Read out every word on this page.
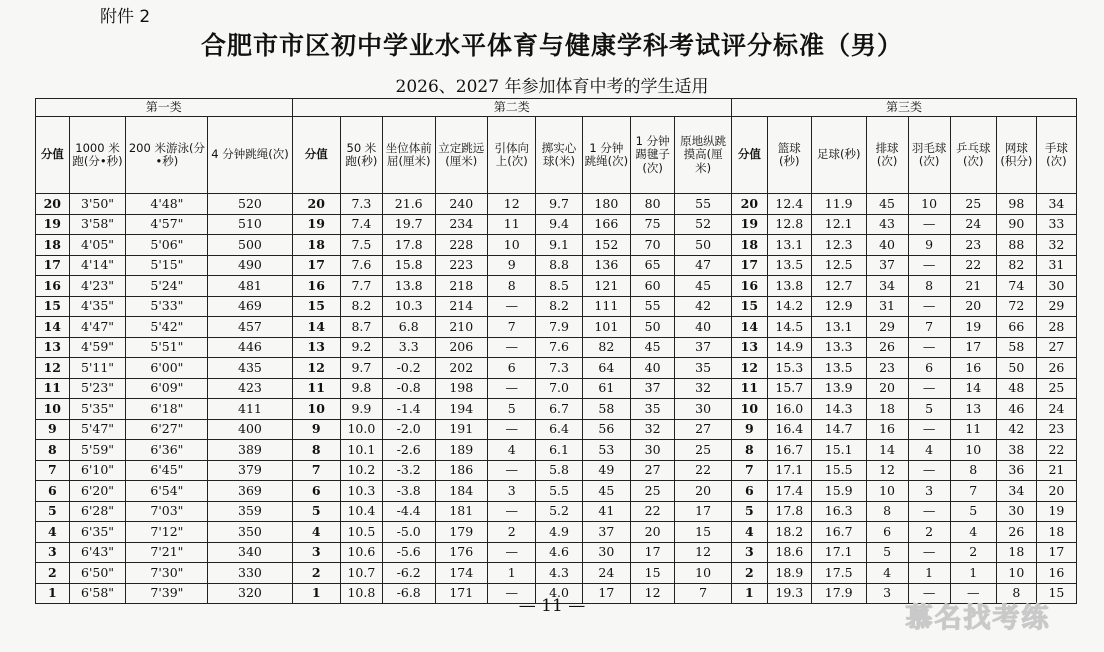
附件 2
合肥市市区初中学业水平体育与健康学科考试评分标准（男）
2026、2027 年参加体育中考的学生适用
第一类				第二类									第三类							
分值	1000 米跑(分•秒)	200 米游泳(分•秒)	4 分钟跳绳(次)	分值	50 米跑(秒)	坐位体前屈(厘米)	立定跳远(厘米)	引体向上(次)	掷实心球(米)	1 分钟跳绳(次)	1 分钟踢毽子(次)	原地纵跳摸高(厘米)	分值	篮球(秒)	足球(秒)	排球(次)	羽毛球(次)	乒乓球(次)	网球(积分)	手球(次)
20	3'50"	4'48"	520	20	7.3	21.6	240	12	9.7	180	80	55	20	12.4	11.9	45	10	25	98	34
19	3'58"	4'57"	510	19	7.4	19.7	234	11	9.4	166	75	52	19	12.8	12.1	43	—	24	90	33
18	4'05"	5'06"	500	18	7.5	17.8	228	10	9.1	152	70	50	18	13.1	12.3	40	9	23	88	32
17	4'14"	5'15"	490	17	7.6	15.8	223	9	8.8	136	65	47	17	13.5	12.5	37	—	22	82	31
16	4'23"	5'24"	481	16	7.7	13.8	218	8	8.5	121	60	45	16	13.8	12.7	34	8	21	74	30
15	4'35"	5'33"	469	15	8.2	10.3	214	—	8.2	111	55	42	15	14.2	12.9	31	—	20	72	29
14	4'47"	5'42"	457	14	8.7	6.8	210	7	7.9	101	50	40	14	14.5	13.1	29	7	19	66	28
13	4'59"	5'51"	446	13	9.2	3.3	206	—	7.6	82	45	37	13	14.9	13.3	26	—	17	58	27
12	5'11"	6'00"	435	12	9.7	-0.2	202	6	7.3	64	40	35	12	15.3	13.5	23	6	16	50	26
11	5'23"	6'09"	423	11	9.8	-0.8	198	—	7.0	61	37	32	11	15.7	13.9	20	—	14	48	25
10	5'35"	6'18"	411	10	9.9	-1.4	194	5	6.7	58	35	30	10	16.0	14.3	18	5	13	46	24
9	5'47"	6'27"	400	9	10.0	-2.0	191	—	6.4	56	32	27	9	16.4	14.7	16	—	11	42	23
8	5'59"	6'36"	389	8	10.1	-2.6	189	4	6.1	53	30	25	8	16.7	15.1	14	4	10	38	22
7	6'10"	6'45"	379	7	10.2	-3.2	186	—	5.8	49	27	22	7	17.1	15.5	12	—	8	36	21
6	6'20"	6'54"	369	6	10.3	-3.8	184	3	5.5	45	25	20	6	17.4	15.9	10	3	7	34	20
5	6'28"	7'03"	359	5	10.4	-4.4	181	—	5.2	41	22	17	5	17.8	16.3	8	—	5	30	19
4	6'35"	7'12"	350	4	10.5	-5.0	179	2	4.9	37	20	15	4	18.2	16.7	6	2	4	26	18
3	6'43"	7'21"	340	3	10.6	-5.6	176	—	4.6	30	17	12	3	18.6	17.1	5	—	2	18	17
2	6'50"	7'30"	330	2	10.7	-6.2	174	1	4.3	24	15	10	2	18.9	17.5	4	1	1	10	16
1	6'58"	7'39"	320	1	10.8	-6.8	171	—	4.0	17	12	7	1	19.3	17.9	3	—	—	8	15
— 11 —	慕名找考练
